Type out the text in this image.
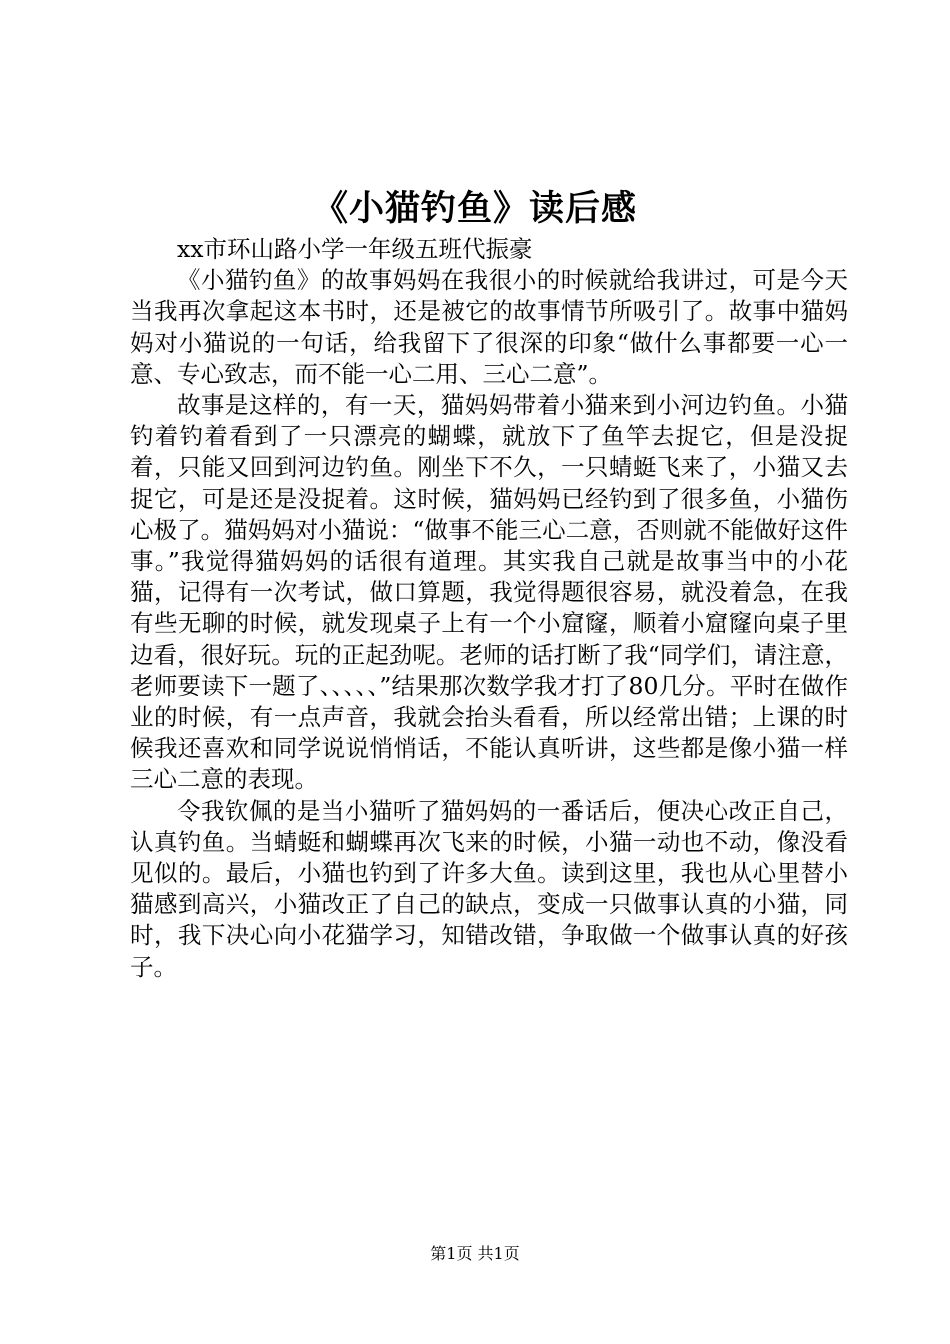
《小猫钓鱼》读后感

xx市环山路小学一年级五班代振豪

《小猫钓鱼》的故事妈妈在我很小的时候就给我讲过，可是今天当我再次拿起这本书时，还是被它的故事情节所吸引了。故事中猫妈妈对小猫说的一句话，给我留下了很深的印象“做什么事都要一心一意、专心致志，而不能一心二用、三心二意”。

故事是这样的，有一天，猫妈妈带着小猫来到小河边钓鱼。小猫钓着钓着看到了一只漂亮的蝴蝶，就放下了鱼竿去捉它，但是没捉着，只能又回到河边钓鱼。刚坐下不久，一只蜻蜓飞来了，小猫又去捉它，可是还是没捉着。这时候，猫妈妈已经钓到了很多鱼，小猫伤心极了。猫妈妈对小猫说：“做事不能三心二意，否则就不能做好这件事。”我觉得猫妈妈的话很有道理。其实我自己就是故事当中的小花猫，记得有一次考试，做口算题，我觉得题很容易，就没着急，在我有些无聊的时候，就发现桌子上有一个小窟窿，顺着小窟窿向桌子里边看，很好玩。玩的正起劲呢。老师的话打断了我“同学们，请注意，老师要读下一题了、、、、、”结果那次数学我才打了80几分。平时在做作业的时候，有一点声音，我就会抬头看看，所以经常出错；上课的时候我还喜欢和同学说说悄悄话，不能认真听讲，这些都是像小猫一样三心二意的表现。

令我钦佩的是当小猫听了猫妈妈的一番话后，便决心改正自己，认真钓鱼。当蜻蜓和蝴蝶再次飞来的时候，小猫一动也不动，像没看见似的。最后，小猫也钓到了许多大鱼。读到这里，我也从心里替小猫感到高兴，小猫改正了自己的缺点，变成一只做事认真的小猫，同时，我下决心向小花猫学习，知错改错，争取做一个做事认真的好孩子。

第1页 共1页
